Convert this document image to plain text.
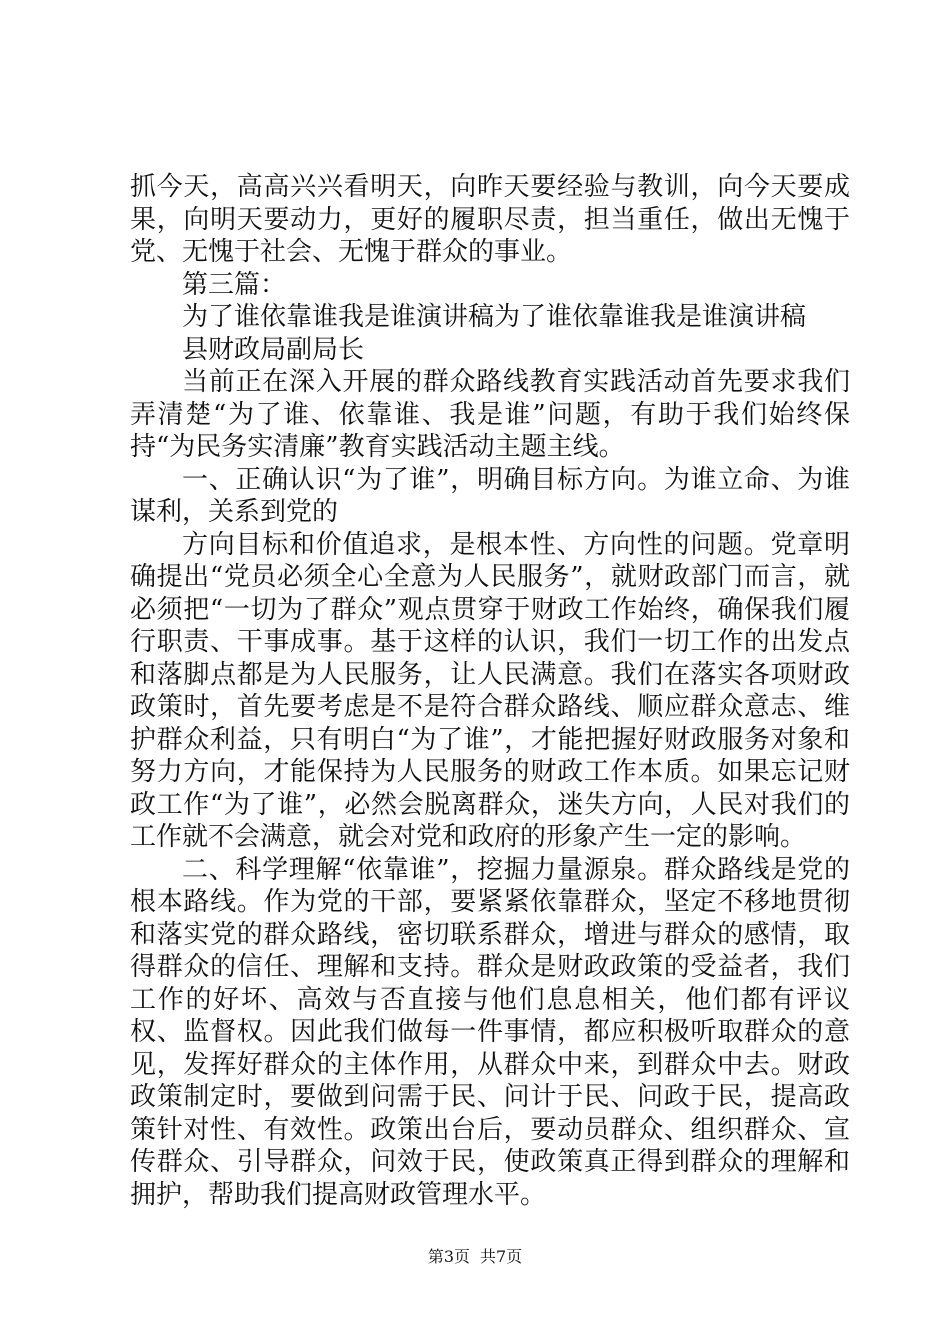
抓今天，高高兴兴看明天，向昨天要经验与教训，向今天要成果，向明天要动力，更好的履职尽责，担当重任，做出无愧于党、无愧于社会、无愧于群众的事业。

第三篇：

为了谁依靠谁我是谁演讲稿为了谁依靠谁我是谁演讲稿

县财政局副局长

当前正在深入开展的群众路线教育实践活动首先要求我们弄清楚“为了谁、依靠谁、我是谁”问题，有助于我们始终保持“为民务实清廉”教育实践活动主题主线。

一、正确认识“为了谁”，明确目标方向。为谁立命、为谁谋利，关系到党的

方向目标和价值追求，是根本性、方向性的问题。党章明确提出“党员必须全心全意为人民服务”，就财政部门而言，就必须把“一切为了群众”观点贯穿于财政工作始终，确保我们履行职责、干事成事。基于这样的认识，我们一切工作的出发点和落脚点都是为人民服务，让人民满意。我们在落实各项财政政策时，首先要考虑是不是符合群众路线、顺应群众意志、维护群众利益，只有明白“为了谁”，才能把握好财政服务对象和努力方向，才能保持为人民服务的财政工作本质。如果忘记财政工作“为了谁”，必然会脱离群众，迷失方向，人民对我们的工作就不会满意，就会对党和政府的形象产生一定的影响。

二、科学理解“依靠谁”，挖掘力量源泉。群众路线是党的根本路线。作为党的干部，要紧紧依靠群众，坚定不移地贯彻和落实党的群众路线，密切联系群众，增进与群众的感情，取得群众的信任、理解和支持。群众是财政政策的受益者，我们工作的好坏、高效与否直接与他们息息相关，他们都有评议权、监督权。因此我们做每一件事情，都应积极听取群众的意见，发挥好群众的主体作用，从群众中来，到群众中去。财政政策制定时，要做到问需于民、问计于民、问政于民，提高政策针对性、有效性。政策出台后，要动员群众、组织群众、宣传群众、引导群众，问效于民，使政策真正得到群众的理解和拥护，帮助我们提高财政管理水平。

第3页 共7页
